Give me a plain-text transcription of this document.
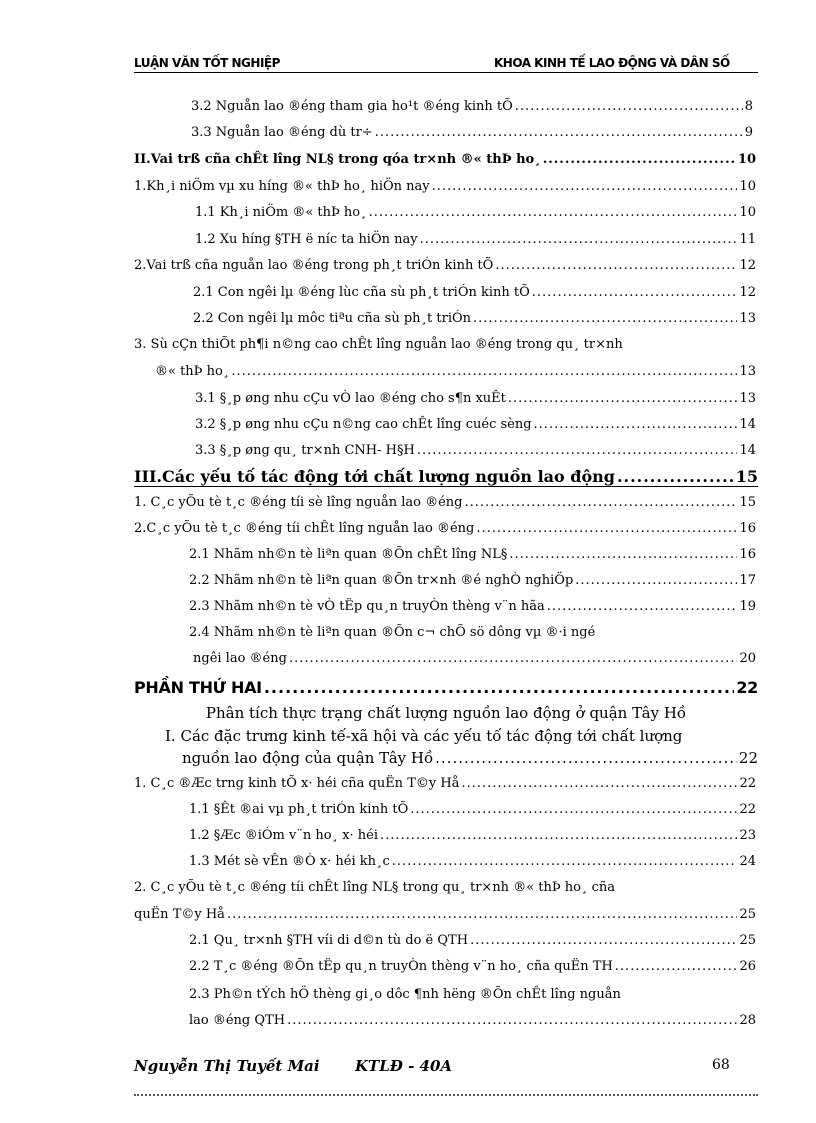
LUẬN VĂN TỐT NGHIỆP	KHOA KINH TẾ LAO ĐỘNG VÀ DÂN SỐ
3.2 Nguån lao ®éng tham gia ho¹t ®éng kinh tÕ .....	8
3.3 Nguån lao ®éng dù tr÷ .....	9
II.Vai trß cña chÊt lîng NL§ trong qóa tr×nh ®« thÞ ho¸ .....	10
1.Kh¸i niÖm vµ xu híng ®« thÞ ho¸ hiÖn nay .....	10
1.1 Kh¸i niÖm ®« thÞ ho¸ .....	10
1.2 Xu híng §TH ë níc ta hiÖn nay .....	11
2.Vai trß cña nguån lao ®éng trong ph¸t triÓn kinh tÕ .....	12
2.1 Con ngêi lµ ®éng lùc cña sù ph¸t triÓn kinh tÕ .....	12
2.2 Con ngêi lµ môc tiªu cña sù ph¸t triÓn .....	13
3. Sù cÇn thiÕt ph¶i n©ng cao chÊt lîng nguån lao ®éng trong qu¸ tr×nh
®« thÞ ho¸ .....	13
3.1 §¸p øng nhu cÇu vÒ lao ®éng cho s¶n xuÊt .....	13
3.2 §¸p øng nhu cÇu n©ng cao chÊt lîng cuéc sèng .....	14
3.3 §¸p øng qu¸ tr×nh CNH- H§H .....	14
III.Các yếu tố tác động tới chất lượng nguồn lao động .....	15
1. C¸c yÕu tè t¸c ®éng tíi sè lîng nguån lao ®éng .....	15
2.C¸c yÕu tè t¸c ®éng tíi chÊt lîng nguån lao ®éng .....	16
2.1 Nhãm nh©n tè liªn quan ®Õn chÊt lîng NL§ .....	16
2.2 Nhãm nh©n tè liªn quan ®Õn tr×nh ®é nghÒ nghiÖp .....	17
2.3 Nhãm nh©n tè vÒ tËp qu¸n truyÒn thèng v¨n hãa .....	19
2.4 Nhãm nh©n tè liªn quan ®Õn c¬ chÕ sö dông vµ ®·i ngé
ngêi lao ®éng .....	20
PHẦN THỨ HAI .....	22
Phân tích thực trạng chất lượng nguồn lao động ở quận Tây Hồ
I. Các đặc trưng kinh tế-xã hội và các yếu tố tác động tới chất lượng
nguồn lao động của quận Tây Hồ .....	22
1. C¸c ®Æc trng kinh tÕ x· héi cña quËn T©y Hå .....	22
1.1 §Êt ®ai vµ ph¸t triÓn kinh tÕ .....	22
1.2 §Æc ®iÓm v¨n ho¸ x· héi .....	23
1.3 Mét sè vÊn ®Ò x· héi kh¸c .....	24
2. C¸c yÕu tè t¸c ®éng tíi chÊt lîng NL§ trong qu¸ tr×nh ®« thÞ ho¸ cña
quËn T©y Hå .....	25
2.1 Qu¸ tr×nh §TH víi di d©n tù do ë QTH .....	25
2.2 T¸c ®éng ®Õn tËp qu¸n truyÒn thèng v¨n ho¸ cña quËn TH .....	26
2.3 Ph©n tÝch hÖ thèng gi¸o dôc ¶nh hëng ®Õn chÊt lîng nguån
lao ®éng QTH .....	28
Nguyễn Thị Tuyết Mai KTLĐ - 40A	68
